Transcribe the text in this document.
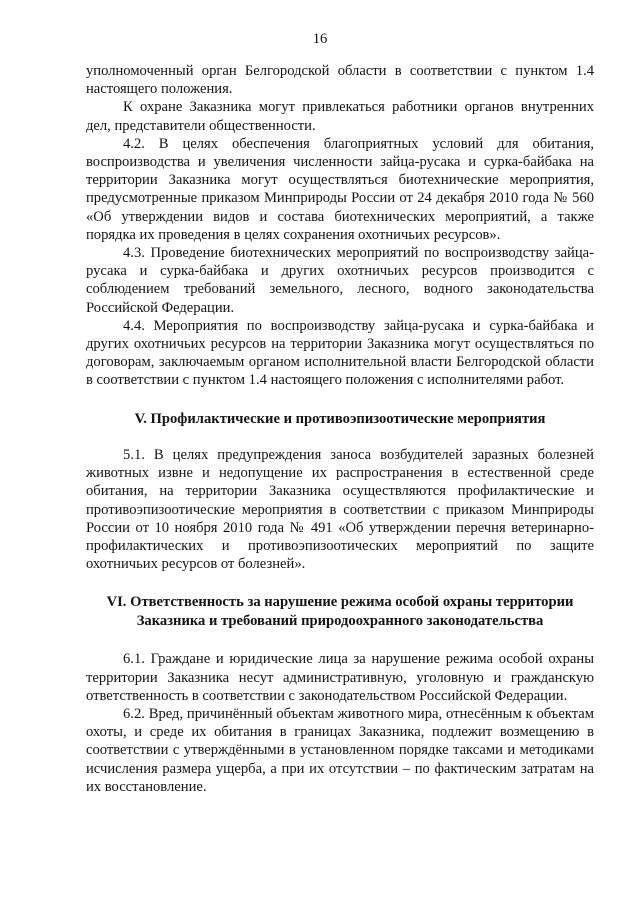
16

уполномоченный орган Белгородской области в соответствии с пунктом 1.4 настоящего положения.

К охране Заказника могут привлекаться работники органов внутренних дел, представители общественности.

4.2. В целях обеспечения благоприятных условий для обитания, воспроизводства и увеличения численности зайца-русака и сурка-байбака на территории Заказника могут осуществляться биотехнические мероприятия, предусмотренные приказом Минприроды России от 24 декабря 2010 года № 560 «Об утверждении видов и состава биотехнических мероприятий, а также порядка их проведения в целях сохранения охотничьих ресурсов».

4.3. Проведение биотехнических мероприятий по воспроизводству зайца-русака и сурка-байбака и других охотничьих ресурсов производится с соблюдением требований земельного, лесного, водного законодательства Российской Федерации.

4.4. Мероприятия по воспроизводству зайца-русака и сурка-байбака и других охотничьих ресурсов на территории Заказника могут осуществляться по договорам, заключаемым органом исполнительной власти Белгородской области в соответствии с пунктом 1.4 настоящего положения с исполнителями работ.

V. Профилактические и противоэпизоотические мероприятия

5.1. В целях предупреждения заноса возбудителей заразных болезней животных извне и недопущение их распространения в естественной среде обитания, на территории Заказника осуществляются профилактические и противоэпизоотические мероприятия в соответствии с приказом Минприроды России от 10 ноября 2010 года № 491 «Об утверждении перечня ветеринарно-профилактических и противоэпизоотических мероприятий по защите охотничьих ресурсов от болезней».

VI. Ответственность за нарушение режима особой охраны территории

Заказника и требований природоохранного законодательства

6.1. Граждане и юридические лица за нарушение режима особой охраны территории Заказника несут административную, уголовную и гражданскую ответственность в соответствии с законодательством Российской Федерации.

6.2. Вред, причинённый объектам животного мира, отнесённым к объектам охоты, и среде их обитания в границах Заказника, подлежит возмещению в соответствии с утверждёнными в установленном порядке таксами и методиками исчисления размера ущерба, а при их отсутствии – по фактическим затратам на их восстановление.
